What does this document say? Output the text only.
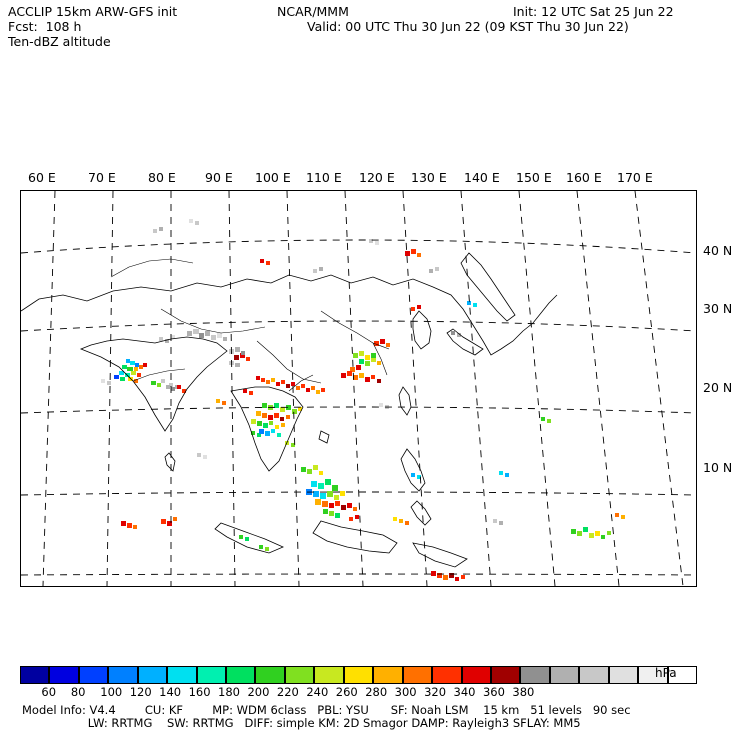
ACCLIP 15km ARW-GFS init
Fcst:  108 h
Ten-dBZ altitude
NCAR/MMM	Init: 12 UTC Sat 25 Jun 22
Valid: 00 UTC Thu 30 Jun 22 (09 KST Thu 30 Jun 22)
60 E	70 E	80 E 90 E 100 E 110 E 120 E 130 E 140 E 150 E 160 E 170 E
40 N
30 N
20 N
10 N
60 80 100 120 140 160 180 200 220 240 260 280 300 320 340 360 380
hPa
Model Info: V4.4        CU: KF        MP: WDM 6class   PBL: YSU      SF: Noah LSM    15 km   51 levels   90 sec
LW: RRTMG    SW: RRTMG   DIFF: simple KM: 2D Smagor DAMP: Rayleigh3 SFLAY: MM5
